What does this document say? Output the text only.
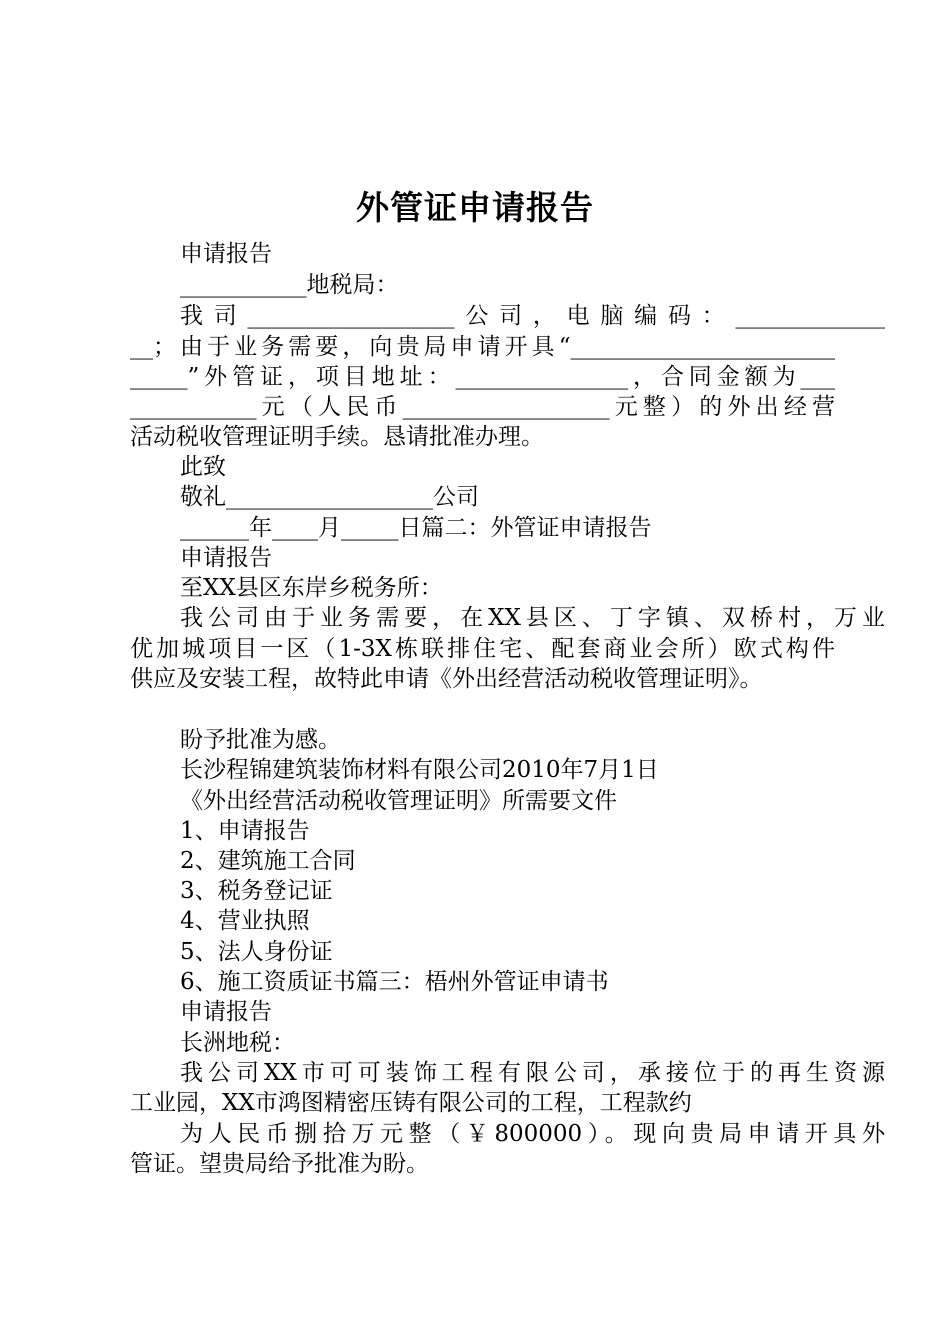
外管证申请报告
申请报告
___________地税局：
我司__________________公司，电脑编码：_____________
__；由于业务需要，向贵局申请开具“_______________________
_____”外管证，项目地址：_______________，合同金额为___
___________元（人民币__________________元整）的外出经营
活动税收管理证明手续。恳请批准办理。
此致
敬礼__________________公司
______年____月_____日篇二：外管证申请报告
申请报告
至XX县区东岸乡税务所：
我公司由于业务需要，在XX县区、丁字镇、双桥村，万业
优加城项目一区（1-3X栋联排住宅、配套商业会所）欧式构件
供应及安装工程，故特此申请《外出经营活动税收管理证明》。
盼予批准为感。
长沙程锦建筑装饰材料有限公司2010年7月1日
《外出经营活动税收管理证明》所需要文件
1、申请报告
2、建筑施工合同
3、税务登记证
4、营业执照
5、法人身份证
6、施工资质证书篇三：梧州外管证申请书
申请报告
长洲地税：
我公司XX市可可装饰工程有限公司，承接位于的再生资源
工业园，XX市鸿图精密压铸有限公司的工程，工程款约
为人民币捌拾万元整（￥800000）。现向贵局申请开具外
管证。望贵局给予批准为盼。
